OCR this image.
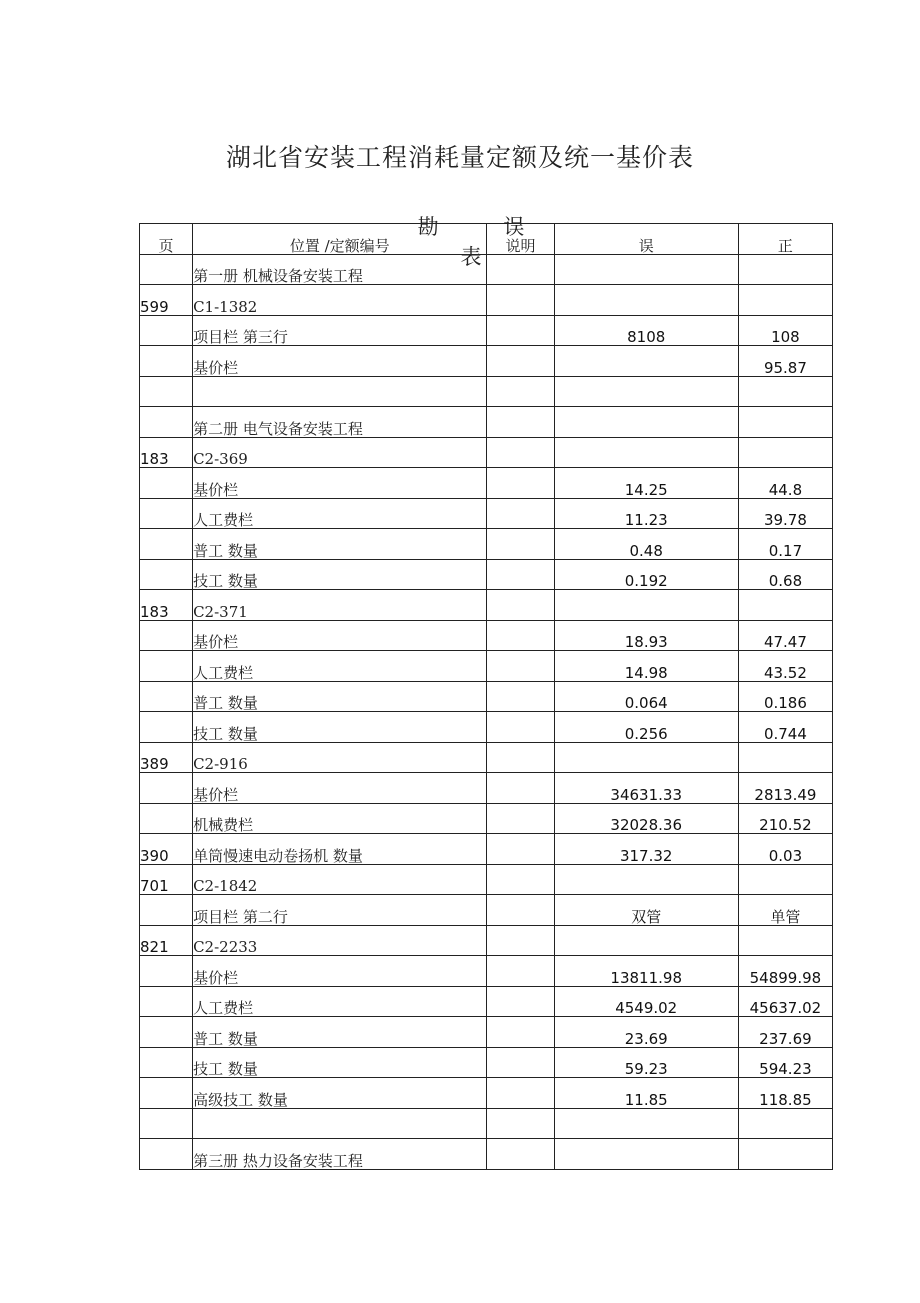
湖北省安装工程消耗量定额及统一基价表
勘 误 表
页	位置 /定额编号	说明	误	正
	第一册 机械设备安装工程			
599	C1-1382			
	项目栏 第三行		8108	108
	基价栏			95.87

	第二册 电气设备安装工程			
183	C2-369			
	基价栏		14.25	44.8
	人工费栏		11.23	39.78
	普工 数量		0.48	0.17
	技工 数量		0.192	0.68
183	C2-371			
	基价栏		18.93	47.47
	人工费栏		14.98	43.52
	普工 数量		0.064	0.186
	技工 数量		0.256	0.744
389	C2-916			
	基价栏		34631.33	2813.49
	机械费栏		32028.36	210.52
390	单筒慢速电动卷扬机 数量		317.32	0.03
701	C2-1842			
	项目栏 第二行		双管	单管
821	C2-2233			
	基价栏		13811.98	54899.98
	人工费栏		4549.02	45637.02
	普工 数量		23.69	237.69
	技工 数量		59.23	594.23
	高级技工 数量		11.85	118.85

	第三册 热力设备安装工程			
